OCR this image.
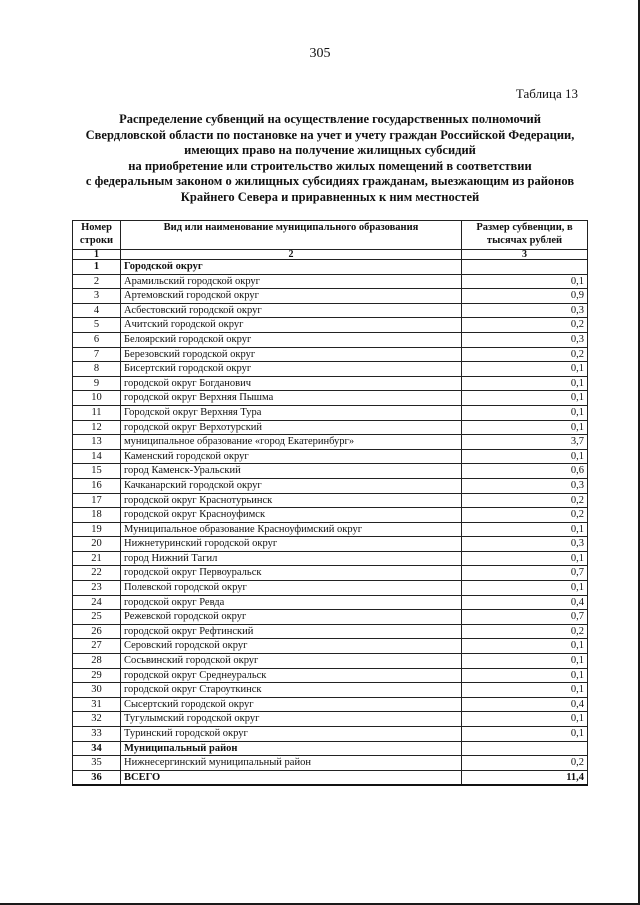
305
Таблица 13
Распределение субвенций на осуществление государственных полномочий
Свердловской области по постановке на учет и учету граждан Российской Федерации,
имеющих право на получение жилищных субсидий
на приобретение или строительство жилых помещений в соответствии
с федеральным законом о жилищных субсидиях гражданам, выезжающим из районов
Крайнего Севера и приравненных к ним местностей
Номер строки	Вид или наименование муниципального образования	Размер субвенции, в тысячах рублей
1	2	3
1	Городской округ	
2	Арамильский городской округ	0,1
3	Артемовский городской округ	0,9
4	Асбестовский городской округ	0,3
5	Ачитский городской округ	0,2
6	Белоярский городской округ	0,3
7	Березовский городской округ	0,2
8	Бисертский городской округ	0,1
9	городской округ Богданович	0,1
10	городской округ Верхняя Пышма	0,1
11	Городской округ Верхняя Тура	0,1
12	городской округ Верхотурский	0,1
13	муниципальное образование «город Екатеринбург»	3,7
14	Каменский городской округ	0,1
15	город Каменск-Уральский	0,6
16	Качканарский городской округ	0,3
17	городской округ Краснотурьинск	0,2
18	городской округ Красноуфимск	0,2
19	Муниципальное образование Красноуфимский округ	0,1
20	Нижнетуринский городской округ	0,3
21	город Нижний Тагил	0,1
22	городской округ Первоуральск	0,7
23	Полевской городской округ	0,1
24	городской округ Ревда	0,4
25	Режевской городской округ	0,7
26	городской округ Рефтинский	0,2
27	Серовский городской округ	0,1
28	Сосьвинский городской округ	0,1
29	городской округ Среднеуральск	0,1
30	городской округ Староуткинск	0,1
31	Сысертский городской округ	0,4
32	Тугулымский городской округ	0,1
33	Туринский городской округ	0,1
34	Муниципальный район	
35	Нижнесергинский муниципальный район	0,2
36	ВСЕГО	11,4
